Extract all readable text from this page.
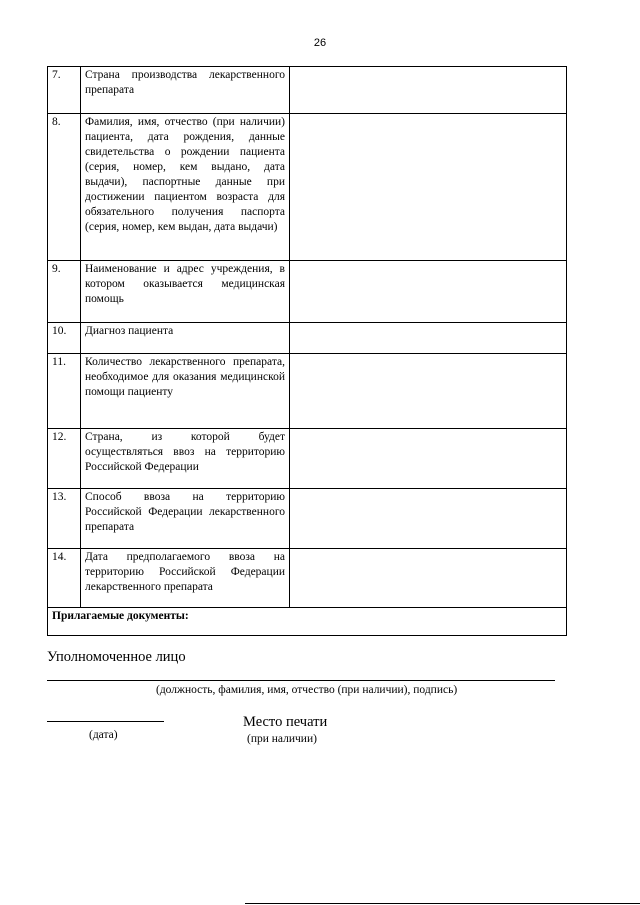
26
7.	Страна производства лекарственного препарата	
8.	Фамилия, имя, отчество (при наличии) пациента, дата рождения, данные свидетельства о рождении пациента (серия, номер, кем выдано, дата выдачи), паспортные данные при достижении пациентом возраста для обязательного получения паспорта (серия, номер, кем выдан, дата выдачи)	
9.	Наименование и адрес учреждения, в котором оказывается медицинская помощь	
10.	Диагноз пациента	
11.	Количество лекарственного препарата, необходимое для оказания медицинской помощи пациенту	
12.	Страна, из которой будет осуществляться ввоз на территорию Российской Федерации	
13.	Способ ввоза на территорию Российской Федерации лекарственного препарата	
14.	Дата предполагаемого ввоза на территорию Российской Федерации лекарственного препарата	
Прилагаемые документы:		
Уполномоченное лицо
(должность, фамилия, имя, отчество (при наличии), подпись)
(дата)
Место печати
(при наличии)
